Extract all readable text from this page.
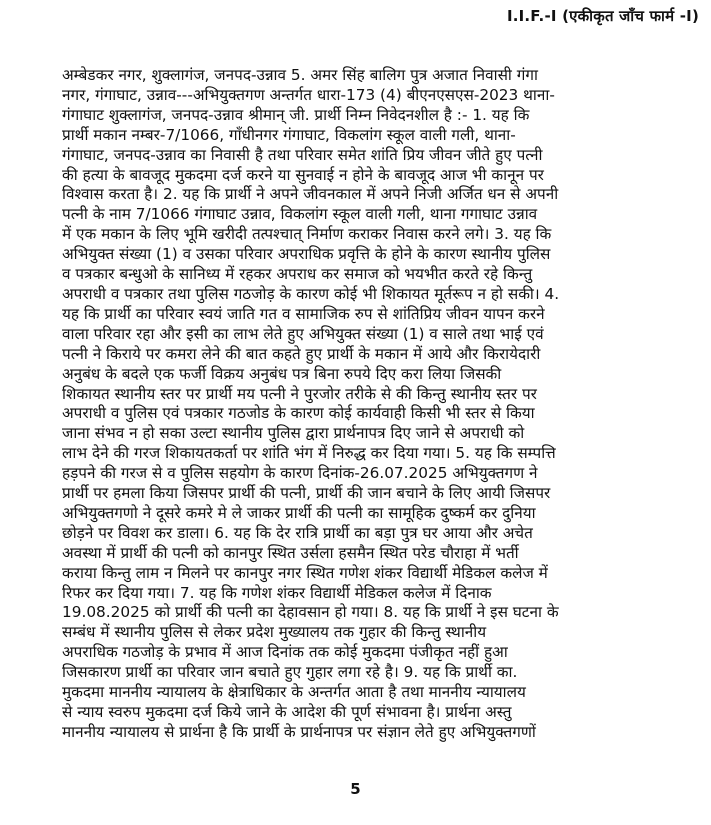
I.I.F.-I (एकीकृत जाँच फार्म -I)
अम्बेडकर नगर, शुक्लागंज, जनपद-उन्नाव 5. अमर सिंह बालिग पुत्र अजात निवासी गंगा
नगर, गंगाघाट, उन्नाव---अभियुक्तगण अन्तर्गत धारा-173 (4) बीएनएसएस-2023 थाना-
गंगाघाट शुक्लागंज, जनपद-उन्नाव श्रीमान् जी. प्रार्थी निम्न निवेदनशील है :- 1. यह कि
प्रार्थी मकान नम्बर-7/1066, गाँधीनगर गंगाघाट, विकलांग स्कूल वाली गली, थाना-
गंगाघाट, जनपद-उन्नाव का निवासी है तथा परिवार समेत शांति प्रिय जीवन जीते हुए पत्नी
की हत्या के बावजूद मुकदमा दर्ज करने या सुनवाई न होने के बावजूद आज भी कानून पर
विश्वास करता है। 2. यह कि प्रार्थी ने अपने जीवनकाल में अपने निजी अर्जित धन से अपनी
पत्नी के नाम 7/1066 गंगाघाट उन्नाव, विकलांग स्कूल वाली गली, थाना गगाघाट उन्नाव
में एक मकान के लिए भूमि खरीदी तत्पश्चात् निर्माण कराकर निवास करने लगे। 3. यह कि
अभियुक्त संख्या (1) व उसका परिवार अपराधिक प्रवृत्ति के होने के कारण स्थानीय पुलिस
व पत्रकार बन्धुओ के सानिध्य में रहकर अपराध कर समाज को भयभीत करते रहे किन्तु
अपराधी व पत्रकार तथा पुलिस गठजोड़ के कारण कोई भी शिकायत मूर्तरूप न हो सकी। 4.
यह कि प्रार्थी का परिवार स्वयं जाति गत व सामाजिक रुप से शांतिप्रिय जीवन यापन करने
वाला परिवार रहा और इसी का लाभ लेते हुए अभियुक्त संख्या (1) व साले तथा भाई एवं
पत्नी ने किराये पर कमरा लेने की बात कहते हुए प्रार्थी के मकान में आये और किरायेदारी
अनुबंध के बदले एक फर्जी विक्रय अनुबंध पत्र बिना रुपये दिए करा लिया जिसकी
शिकायत स्थानीय स्तर पर प्रार्थी मय पत्नी ने पुरजोर तरीके से की किन्तु स्थानीय स्तर पर
अपराधी व पुलिस एवं पत्रकार गठजोड के कारण कोई कार्यवाही किसी भी स्तर से किया
जाना संभव न हो सका उल्टा स्थानीय पुलिस द्वारा प्रार्थनापत्र दिए जाने से अपराधी को
लाभ देने की गरज शिकायतकर्ता पर शांति भंग में निरुद्ध कर दिया गया। 5. यह कि सम्पत्ति
हड़पने की गरज से व पुलिस सहयोग के कारण दिनांक-26.07.2025 अभियुक्तगण ने
प्रार्थी पर हमला किया जिसपर प्रार्थी की पत्नी, प्रार्थी की जान बचाने के लिए आयी जिसपर
अभियुक्तगणो ने दूसरे कमरे मे ले जाकर प्रार्थी की पत्नी का सामूहिक दुष्कर्म कर दुनिया
छोड़ने पर विवश कर डाला। 6. यह कि देर रात्रि प्रार्थी का बड़ा पुत्र घर आया और अचेत
अवस्था में प्रार्थी की पत्नी को कानपुर स्थित उर्सला हसमैन स्थित परेड चौराहा में भर्ती
कराया किन्तु लाम न मिलने पर कानपुर नगर स्थित गणेश शंकर विद्यार्थी मेडिकल कलेज में
रिफर कर दिया गया। 7. यह कि गणेश शंकर विद्यार्थी मेडिकल कलेज में दिनाक
19.08.2025 को प्रार्थी की पत्नी का देहावसान हो गया। 8. यह कि प्रार्थी ने इस घटना के
सम्बंध में स्थानीय पुलिस से लेकर प्रदेश मुख्यालय तक गुहार की किन्तु स्थानीय
अपराधिक गठजोड़ के प्रभाव में आज दिनांक तक कोई मुकदमा पंजीकृत नहीं हुआ
जिसकारण प्रार्थी का परिवार जान बचाते हुए गुहार लगा रहे है। 9. यह कि प्रार्थी का.
मुकदमा माननीय न्यायालय के क्षेत्राधिकार के अन्तर्गत आता है तथा माननीय न्यायालय
से न्याय स्वरुप मुकदमा दर्ज किये जाने के आदेश की पूर्ण संभावना है। प्रार्थना अस्तु
माननीय न्यायालय से प्रार्थना है कि प्रार्थी के प्रार्थनापत्र पर संज्ञान लेते हुए अभियुक्तगणों
5
